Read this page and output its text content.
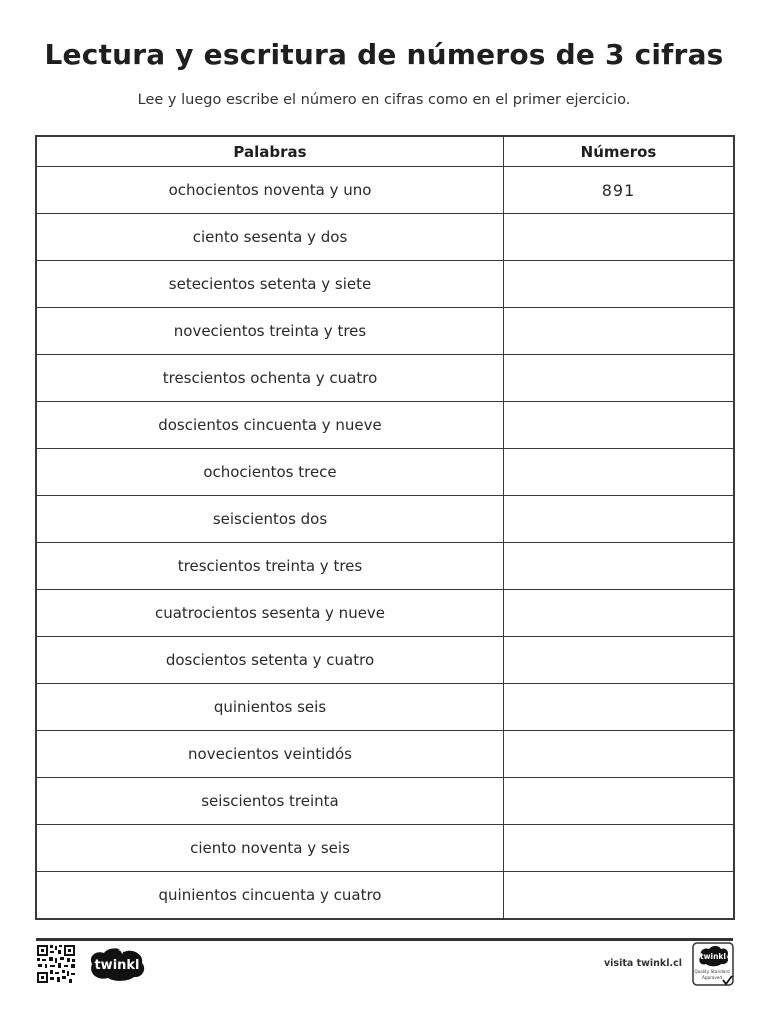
Lectura y escritura de números de 3 cifras
Lee y luego escribe el número en cifras como en el primer ejercicio.
Palabras	Números
ochocientos noventa y uno	891
ciento sesenta y dos	
setecientos setenta y siete	
novecientos treinta y tres	
trescientos ochenta y cuatro	
doscientos cincuenta y nueve	
ochocientos trece	
seiscientos dos	
trescientos treinta y tres	
cuatrocientos sesenta y nueve	
doscientos setenta y cuatro	
quinientos seis	
novecientos veintidós	
seiscientos treinta	
ciento noventa y seis	
quinientos cincuenta y cuatro	
twinkl	visita twinkl.cl
twinkl
Quality Standard
Approved
